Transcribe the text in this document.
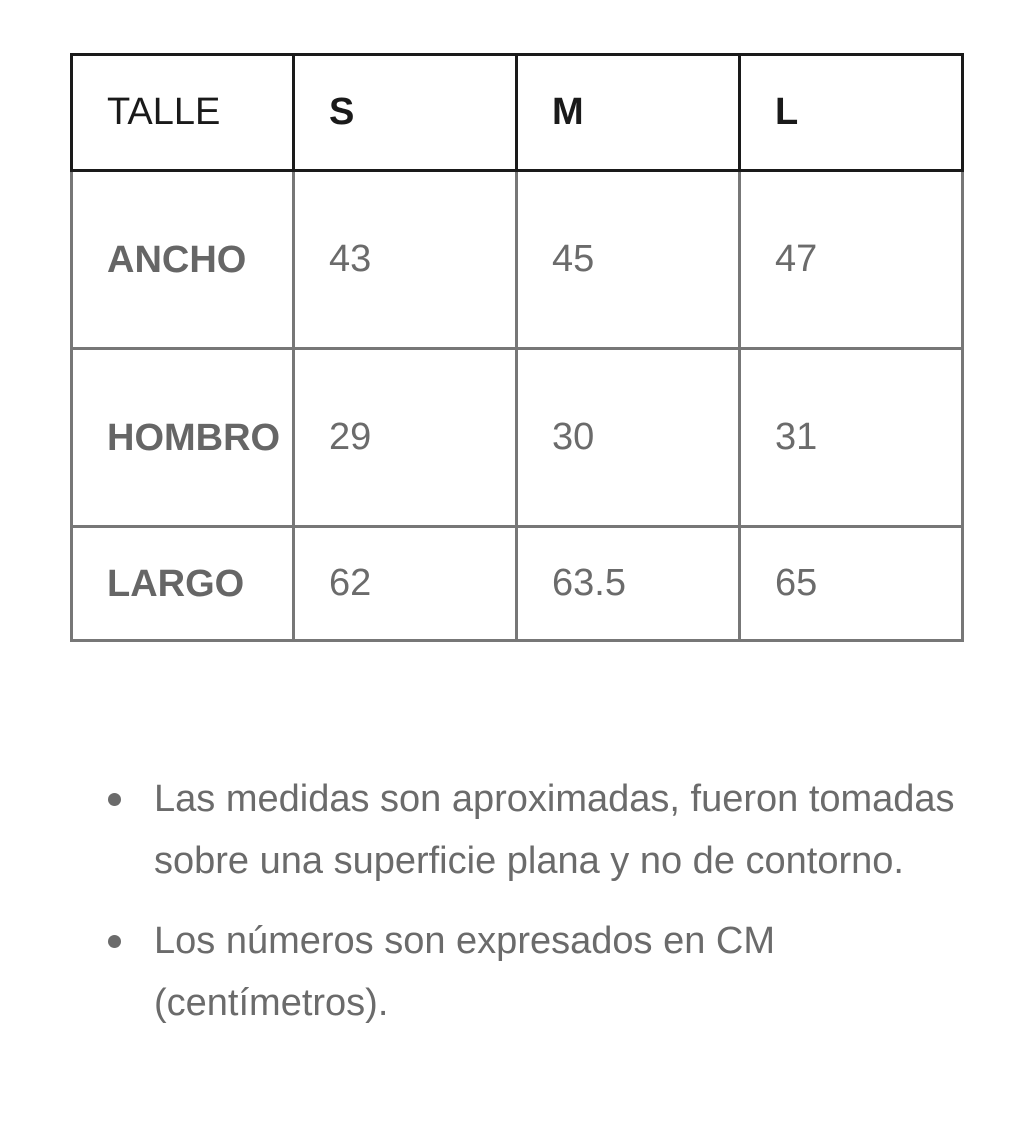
TALLE	S	M	L
ANCHO	43	45	47
HOMBRO	29	30	31
LARGO	62	63.5	65
Las medidas son aproximadas, fueron tomadas sobre una superficie plana y no de contorno.
Los números son expresados en CM (centímetros).
